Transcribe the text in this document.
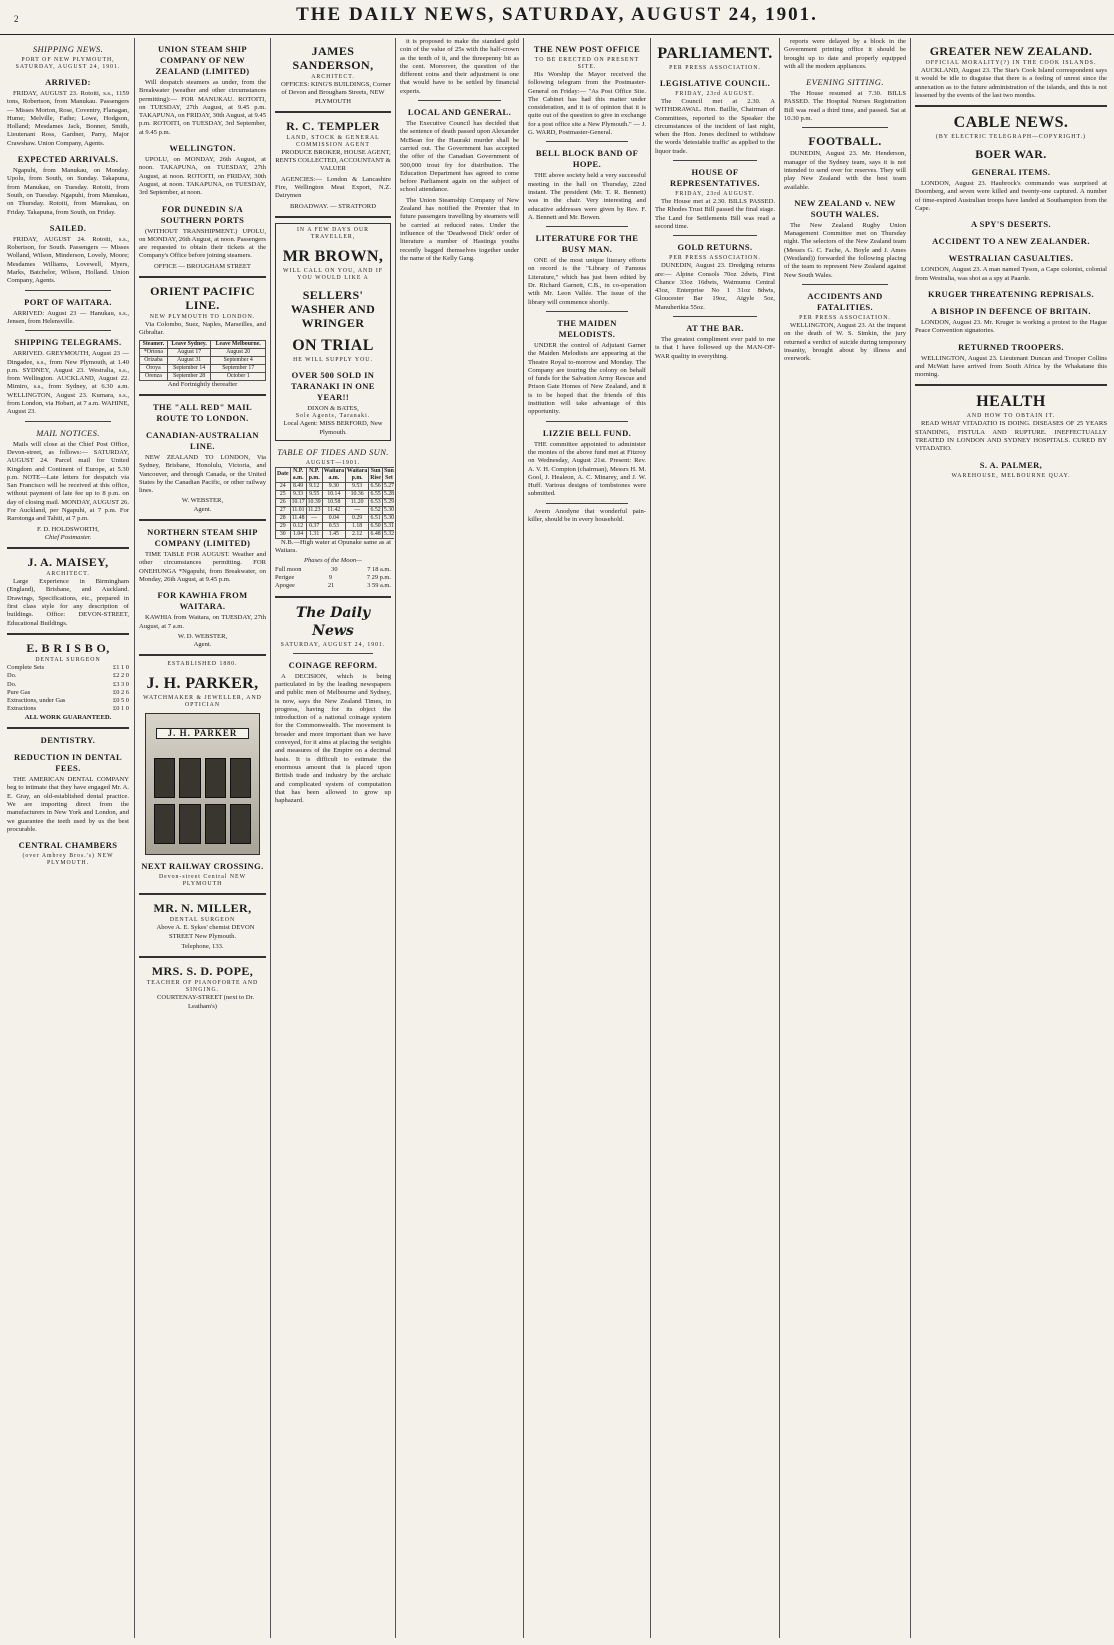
2	THE DAILY NEWS, SATURDAY, AUGUST 24, 1901.
SHIPPING NEWS.
PORT OF NEW PLYMOUTH,
SATURDAY, AUGUST 24, 1901.
ARRIVED:

FRIDAY, AUGUST 23. Rotoiti, s.s., 1159 tons, Robertson, from Manukau. Passengers — Misses Morton, Rose, Coventry, Flanagan, Hume; Melville, Fathe; Lowe, Hodgson, Holland; Mesdames Jack, Bonner, Smith, Lieutenant Ross, Gardner, Parry, Major Crawshaw. Union Company, Agents.

EXPECTED ARRIVALS.

Ngapuhi, from Manukau, on Monday. Upolu, from South, on Sunday. Takapuna, from Manukau, on Tuesday. Rotoiti, from South, on Tuesday. Ngapuhi, from Manukau, on Thursday. Rotoiti, from Manukau, on Friday. Takapuna, from South, on Friday.

SAILED.

FRIDAY, AUGUST 24. Rotoiti, s.s., Robertson, for South. Passengers — Misses Wolland, Wilson, Minderson, Lovely, Moore; Mesdames Williams, Lovewell, Myers, Marks, Batchelor, Wilson, Holland. Union Company, Agents.

PORT OF WAITARA.

ARRIVED: August 23 — Hanukau, s.s., Jensen, from Helensville.

SHIPPING TELEGRAMS.

ARRIVED. GREYMOUTH, August 23 — Dingadee, s.s., from New Plymouth, at 1.40 p.m. SYDNEY, August 23. Westralia, s.s., from Wellington. AUCKLAND, August 22. Mimiro, s.s., from Sydney, at 6.30 a.m. WELLINGTON, August 23. Kumara, s.s., from London, via Hobart, at 7 a.m. WAHINE, August 23.

MAIL NOTICES.

Mails will close at the Chief Post Office, Devon-street, as follows:— SATURDAY, AUGUST 24. Parcel mail for United Kingdom and Continent of Europe, at 5.30 p.m. NOTE—Late letters for despatch via San Francisco will be received at this office, without payment of late fee up to 8 p.m. on day of closing mail. MONDAY, AUGUST 26. For Auckland, per Ngapuhi, at 7 p.m. For Rarotonga and Tahiti, at 7 p.m.

F. D. HOLDSWORTH,
Chief Postmaster.
J. A. MAISEY,
ARCHITECT.

Large Experience in Birmingham (England), Brisbane, and Auckland. Drawings, Specifications, etc., prepared in first class style for any description of buildings. Office: DEVON-STREET, Educational Buildings.

E. B R I S B O,
DENTAL SURGEON
Complete Sets	£1 1 0
Do.	£2 2 0
Do.	£3 3 0
Pure Gas	£0 2 6
Extractions, under Gas	£0 5 0
Extractions	£0 1 0
ALL WORK GUARANTEED.
DENTISTRY.
REDUCTION IN DENTAL FEES.

THE AMERICAN DENTAL COMPANY beg to intimate that they have engaged Mr. A. E. Gray, an old-established dental practice. We are importing direct from the manufacturers in New York and London, and we guarantee the teeth used by us the best procurable.

CENTRAL CHAMBERS
(over Ambrey Bros.'s) NEW PLYMOUTH.
UNION STEAM SHIP COMPANY OF NEW ZEALAND (LIMITED)

Will despatch steamers as under, from the Breakwater (weather and other circumstances permitting):— FOR MANUKAU. ROTOITI, on TUESDAY, 27th August, at 9.45 p.m. TAKAPUNA, on FRIDAY, 30th August, at 9.45 p.m. ROTOITI, on TUESDAY, 3rd September, at 9.45 p.m.

WELLINGTON.

UPOLU, on MONDAY, 26th August, at noon. TAKAPUNA, on TUESDAY, 27th August, at noon. ROTOITI, on FRIDAY, 30th August, at noon. TAKAPUNA, on TUESDAY, 3rd September, at noon.

FOR DUNEDIN S/A SOUTHERN PORTS

(WITHOUT TRANSHIPMENT.) UPOLU, on MONDAY, 26th August, at noon. Passengers are requested to obtain their tickets at the Company's Office before joining steamers.

OFFICE — BROUGHAM STREET
ORIENT PACIFIC LINE.
NEW PLYMOUTH TO LONDON.

Via Colombo, Suez, Naples, Marseilles, and Gibraltar.

Steamer.	Leave Sydney.	Leave Melbourne.
*Ortona	August 17	August 20
Orizaba	August 31	September 4
Oroya	September 14	September 17
Orenza	September 28	October 1
And Fortnightly thereafter
THE "ALL RED" MAIL ROUTE TO LONDON.
CANADIAN-AUSTRALIAN LINE.

NEW ZEALAND TO LONDON, Via Sydney, Brisbane, Honolulu, Victoria, and Vancouver, and through Canada, or the United States by the Canadian Pacific, or other railway lines.

W. WEBSTER,
Agent.
NORTHERN STEAM SHIP COMPANY (LIMITED)

TIME TABLE FOR AUGUST. Weather and other circumstances permitting. FOR ONEHUNGA *Ngapuhi, from Breakwater, on Monday, 26th August, at 9.45 p.m.

FOR KAWHIA FROM WAITARA.

KAWHIA from Waitara, on TUESDAY, 27th August, at 7 a.m.

W. D. WEBSTER,
Agent.
ESTABLISHED 1880.
J. H. PARKER,
WATCHMAKER & JEWELLER, AND OPTICIAN
J. H. PARKER
NEXT RAILWAY CROSSING.
Devon-street Central NEW PLYMOUTH
MR. N. MILLER,
DENTAL SURGEON

Above A. E. Sykes' chemist DEVON STREET New Plymouth.

Telephone, 133.
MRS. S. D. POPE,
TEACHER OF PIANOFORTE AND SINGING.

COURTENAY-STREET (next to Dr. Leatham's)

JAMES SANDERSON,
ARCHITECT.

OFFICES: KING'S BUILDINGS, Corner of Devon and Brougham Streets, NEW PLYMOUTH

R. C. TEMPLER
LAND, STOCK & GENERAL COMMISSION AGENT

PRODUCE BROKER, HOUSE AGENT, RENTS COLLECTED, ACCOUNTANT & VALUER

AGENCIES:— London & Lancashire Fire, Wellington Meat Export, N.Z. Dairymen

BROADWAY. — STRATFORD
IN A FEW DAYS OUR TRAVELLER,
MR BROWN,
WILL CALL ON YOU, AND IF YOU WOULD LIKE A
SELLERS' WASHER AND WRINGER
ON TRIAL
HE WILL SUPPLY YOU.
OVER 500 SOLD IN TARANAKI IN ONE YEAR!!
DIXON & BATES,
Sole Agents, Taranaki.
Local Agent: MISS BERFORD, New Plymouth.
TABLE OF TIDES AND SUN.
AUGUST—1901.
Date	N.P. a.m.	N.P. p.m.	Waitara a.m.	Waitara p.m.	Sun Rise	Sun Set
24	8.49	9.12	9.30	9.53	6.56	5.27
25	9.33	9.55	10.14	10.36	6.55	5.28
26	10.17	10.39	10.58	11.20	6.53	5.29
27	11.01	11.23	11.42	—	6.52	5.30
28	11.48	—	0.04	0.29	6.51	5.30
29	0.12	0.37	0.53	1.18	6.50	5.31
30	1.04	1.31	1.45	2.12	6.48	5.32

N.B.—High water at Opunake same as at Waitara.

Phases of the Moon—
Full moon	30	7 18 a.m.
Perigee	9	7 29 p.m.
Apogee	21	3 59 a.m.
The Daily News
SATURDAY, AUGUST 24, 1901.
COINAGE REFORM.

A DECISION, which is being particulated in by the leading newspapers and public men of Melbourne and Sydney, is now, says the New Zealand Times, in progress, having for its object the introduction of a national coinage system for the Commonwealth. The movement is broader and more important than we have conveyed, for it aims at placing the weights and measures of the Empire on a decimal basis. It is difficult to estimate the enormous amount that is placed upon British trade and industry by the archaic and complicated system of computation that has been allowed to grow up haphazard.

it is proposed to make the standard gold coin of the value of 25s with the half-crown as the tenth of it, and the threepenny bit as the cent. Moreover, the question of the different coins and their adjustment is one that would have to be settled by financial experts.

LOCAL AND GENERAL.

The Executive Council has decided that the sentence of death passed upon Alexander McBean for the Hauraki murder shall be carried out. The Government has accepted the offer of the Canadian Government of 500,000 trout fry for distribution. The Education Department has agreed to come before Parliament again on the subject of school attendance.

The Union Steamship Company of New Zealand has notified the Premier that in future passengers travelling by steamers will be carried at reduced rates. Under the influence of the 'Deadwood Dick' order of literature a number of Hastings youths recently bagged themselves together under the name of the Kelly Gang.

THE NEW POST OFFICE
TO BE ERECTED ON PRESENT SITE.

His Worship the Mayor received the following telegram from the Postmaster-General on Friday:— "As Post Office Site. The Cabinet has had this matter under consideration, and it is of opinion that it is quite out of the question to give in exchange for a post office site a New Plymouth." — J. G. WARD, Postmaster-General.

BELL BLOCK BAND OF HOPE.

THE above society held a very successful meeting in the hall on Thursday, 22nd instant. The president (Mr. T. R. Bennett) was in the chair. Very interesting and educative addresses were given by Rev. F. A. Bennett and Mr. Bowen.

LITERATURE FOR THE BUSY MAN.

ONE of the most unique literary efforts on record is the "Library of Famous Literature," which has just been edited by Dr. Richard Garnett, C.B., in co-operation with Mr. Leon Vallée. The issue of the library will commence shortly.

THE MAIDEN MELODISTS.

UNDER the control of Adjutant Garner the Maiden Melodists are appearing at the Theatre Royal to-morrow and Monday. The Company are touring the colony on behalf of funds for the Salvation Army Rescue and Prison Gate Homes of New Zealand, and it is to be hoped that the friends of this institution will take advantage of this opportunity.

LIZZIE BELL FUND.

THE committee appointed to administer the monies of the above fund met at Fitzroy on Wednesday, August 21st. Present: Rev. A. V. H. Compton (chairman), Messrs H. M. Gool, J. Healeon, A. C. Minarey, and J. W. Huff. Various designs of tombstones were submitted.

Avern Anodyne that wonderful pain-killer, should be in every household.

PARLIAMENT.
PER PRESS ASSOCIATION.
LEGISLATIVE COUNCIL.
FRIDAY, 23rd AUGUST.

The Council met at 2.30. A WITHDRAWAL. Hon. Baillie, Chairman of Committees, reported to the Speaker the circumstances of the incident of last night, when the Hon. Jones declined to withdraw the words 'detestable traffic' as applied to the liquor trade.

HOUSE OF REPRESENTATIVES.
FRIDAY, 23rd AUGUST.

The House met at 2.30. BILLS PASSED. The Rhodes Trust Bill passed the final stage. The Land for Settlements Bill was read a second time.

GOLD RETURNS.
PER PRESS ASSOCIATION.

DUNEDIN, August 23. Dredging returns are:— Alpine Consols 70oz 2dwts, First Chance 33oz 16dwts, Waimumu Central 43oz, Enterprise No 1 31oz 8dwts, Gloucester Bar 19oz, Aigyle 5oz, Manuherikia 55oz.

AT THE BAR.

The greatest compliment ever paid to me is that I have followed up the MAN-OF-WAR quality in everything.

reports were delayed by a block in the Government printing office it should be brought up to date and properly equipped with all the modern appliances.

EVENING SITTING.

The House resumed at 7.30. BILLS PASSED. The Hospital Nurses Registration Bill was read a third time, and passed. Sat at 10.30 p.m.

FOOTBALL.

DUNEDIN, August 23. Mr. Henderson, manager of the Sydney team, says it is not intended to send over for reserves. They will play New Zealand with the best team available.

NEW ZEALAND v. NEW SOUTH WALES.

The New Zealand Rugby Union Management Committee met on Thursday night. The selectors of the New Zealand team (Messrs G. C. Fache, A. Boyle and J. Ames (Westland)) forwarded the following placing of the team to represent New Zealand against New South Wales.

ACCIDENTS AND FATALITIES.
PER PRESS ASSOCIATION.

WELLINGTON, August 23. At the inquest on the death of W. S. Simkin, the jury returned a verdict of suicide during temporary insanity, brought about by illness and overwork.

GREATER NEW ZEALAND.
OFFICIAL MORALITY(?) IN THE COOK ISLANDS.

AUCKLAND, August 23. The Star's Cook Island correspondent says it would be idle to disguise that there is a feeling of unrest since the annexation as to the future administration of the islands, and this is not lessened by the events of the last two months.

CABLE NEWS.
(BY ELECTRIC TELEGRAPH—COPYRIGHT.)
BOER WAR.
GENERAL ITEMS.

LONDON, August 23. Haubrock's commando was surprised at Doornberg, and seven were killed and twenty-one captured. A number of time-expired Australian troops have landed at Southampton from the Cape.

A SPY'S DESERTS.
ACCIDENT TO A NEW ZEALANDER.
WESTRALIAN CASUALTIES.

LONDON, August 23. A man named Tyson, a Cape colonist, colonial from Westralia, was shot as a spy at Paarde.

KRUGER THREATENING REPRISALS.
A BISHOP IN DEFENCE OF BRITAIN.

LONDON, August 23. Mr. Kruger is working a protest to the Hague Peace Convention signatories.

RETURNED TROOPERS.

WELLINGTON, August 23. Lieutenant Duncan and Trooper Collins and McWatt have arrived from South Africa by the Whakatane this morning.

HEALTH
AND HOW TO OBTAIN IT.

READ WHAT VITADATIO IS DOING. DISEASES OF 25 YEARS STANDING, FISTULA AND RUPTURE. INEFFECTUALLY TREATED IN LONDON AND SYDNEY HOSPITALS. CURED BY VITADATIO.

S. A. PALMER,
WAREHOUSE, MELBOURNE QUAY.
